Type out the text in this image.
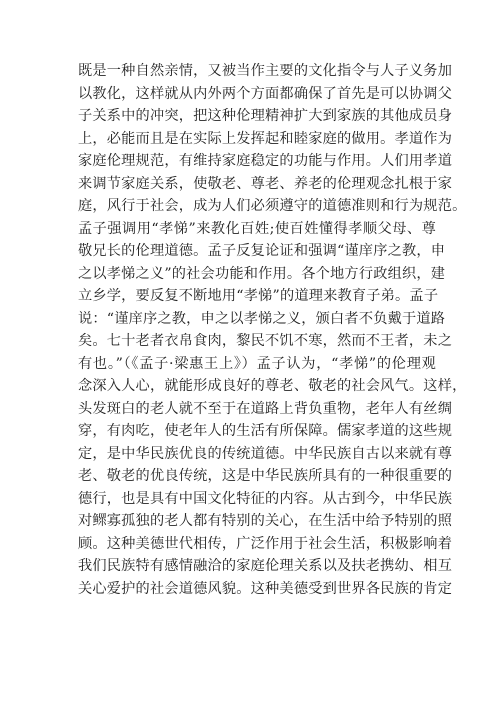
既是一种自然亲情，又被当作主要的文化指令与人子义务加
以教化，这样就从内外两个方面都确保了首先是可以协调父
子关系中的冲突，把这种伦理精神扩大到家族的其他成员身
上，必能而且是在实际上发挥起和睦家庭的做用。孝道作为
家庭伦理规范，有维持家庭稳定的功能与作用。人们用孝道
来调节家庭关系，使敬老、尊老、养老的伦理观念扎根于家
庭，风行于社会，成为人们必须遵守的道德准则和行为规范。
孟子强调用“孝悌”来教化百姓;使百姓懂得孝顺父母、尊
敬兄长的伦理道德。孟子反复论证和强调“谨庠序之教，申
之以孝悌之义”的社会功能和作用。各个地方行政组织，建
立乡学，要反复不断地用“孝悌”的道理来教育子弟。孟子
说：“谨庠序之教，申之以孝悌之义，颁白者不负戴于道路
矣。七十老者衣帛食肉，黎民不饥不寒，然而不王者，未之
有也。”（《孟子·梁惠王上》）孟子认为，“孝悌”的伦理观
念深入人心，就能形成良好的尊老、敬老的社会风气。这样，
头发斑白的老人就不至于在道路上背负重物，老年人有丝绸
穿，有肉吃，使老年人的生活有所保障。儒家孝道的这些规
定，是中华民族优良的传统道德。中华民族自古以来就有尊
老、敬老的优良传统，这是中华民族所具有的一种很重要的
德行，也是具有中国文化特征的内容。从古到今，中华民族
对鳏寡孤独的老人都有特别的关心，在生活中给予特别的照
顾。这种美德世代相传，广泛作用于社会生活，积极影响着
我们民族特有感情融洽的家庭伦理关系以及扶老携幼、相互
关心爱护的社会道德风貌。这种美德受到世界各民族的肯定
